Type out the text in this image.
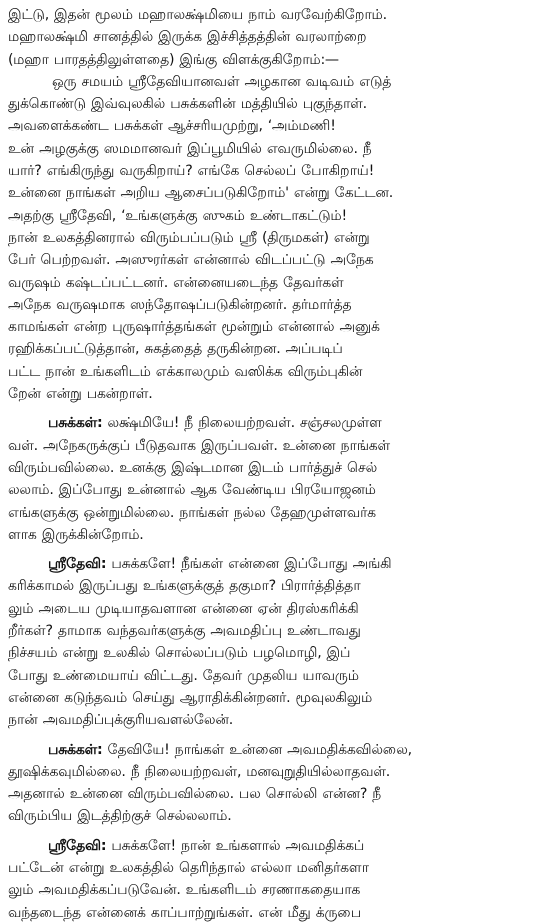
இட்டு, இதன் மூலம் மஹாலக்ஷ்மியை நாம் வரவேற்கிறோம்.
மஹாலக்ஷ்மி சானத்தில் இருக்க இச்சித்தத்தின் வரலாற்றை
(மஹா பாரதத்திலுள்ளதை) இங்கு விளக்குகிறோம்:—
ஒரு சமயம் ஸ்ரீதேவியானவள் அழகான வடிவம் எடுத்
துக்கொண்டு இவ்வுலகில் பசுக்களின் மத்தியில் புகுந்தாள்.
அவளைக்கண்ட பசுக்கள் ஆச்சரியமுற்று, ‘அம்மணி!
உன் அழகுக்கு ஸமமானவர் இப்பூமியில் எவருமில்லை. நீ
யார்? எங்கிருந்து வருகிறாய்? எங்கே செல்லப் போகிறாய்!
உன்னை நாங்கள் அறிய ஆசைப்படுகிறோம்' என்று கேட்டன.
அதற்கு ஸ்ரீதேவி, ‘உங்களுக்கு ஸுகம் உண்டாகட்டும்!
நான் உலகத்தினரால் விரும்பப்படும் ஸ்ரீ (திருமகள்) என்று
பேர் பெற்றவள். அஸுரர்கள் என்னால் விடப்பட்டு அநேக
வருஷம் கஷ்டப்பட்டனர். என்னையடைந்த தேவர்கள்
அநேக வருஷமாக ஸந்தோஷப்படுகின்றனர். தர்மார்த்த
காமங்கள் என்ற புருஷார்த்தங்கள் மூன்றும் என்னால் அனுக்
ரஹிக்கப்பட்டுத்தான், சுகத்தைத் தருகின்றன. அப்படிப்
பட்ட நான் உங்களிடம் எக்காலமும் வஸிக்க விரும்புகின்
றேன் என்று பகன்றாள்.
பசுக்கள்: லக்ஷ்மியே! நீ நிலையற்றவள். சஞ்சலமுள்ள
வள். அநேகருக்குப் பீடுதவாக இருப்பவள். உன்னை நாங்கள்
விரும்பவில்லை. உனக்கு இஷ்டமான இடம் பார்த்துச் செல்
லலாம். இப்போது உன்னால் ஆக வேண்டிய பிரயோஜனம்
எங்களுக்கு ஒன்றுமில்லை. நாங்கள் நல்ல தேஹமுள்ளவர்க
ளாக இருக்கின்றோம்.
ஸ்ரீதேவி: பசுக்களே! நீங்கள் என்னை இப்போது அங்கி
கரிக்காமல் இருப்பது உங்களுக்குத் தகுமா? பிரார்த்தித்தா
லும் அடைய முடியாதவளான என்னை ஏன் திரஸ்கரிக்கி
றீர்கள்? தாமாக வந்தவர்களுக்கு அவமதிப்பு உண்டாவது
நிச்சயம் என்று உலகில் சொல்லப்படும் பழமொழி, இப்
போது உண்மையாய் விட்டது. தேவர் முதலிய யாவரும்
என்னை கடுந்தவம் செய்து ஆராதிக்கின்றனர். மூவுலகிலும்
நான் அவமதிப்புக்குரியவளல்லேன்.
பசுக்கள்: தேவியே! நாங்கள் உன்னை அவமதிக்கவில்லை,
தூஷிக்கவுமில்லை. நீ நிலையற்றவள், மனவுறுதியில்லாதவள்.
அதனால் உன்னை விரும்பவில்லை. பல சொல்லி என்ன? நீ
விரும்பிய இடத்திற்குச் செல்லலாம்.
ஸ்ரீதேவி: பசுக்களே! நான் உங்களால் அவமதிக்கப்
பட்டேன் என்று உலகத்தில் தெரிந்தால் எல்லா மனிதர்களா
லும் அவமதிக்கப்படுவேன். உங்களிடம் சரணாகதையாக
வந்தடைந்த என்னைக் காப்பாற்றுங்கள். என் மீது க்ருபை
